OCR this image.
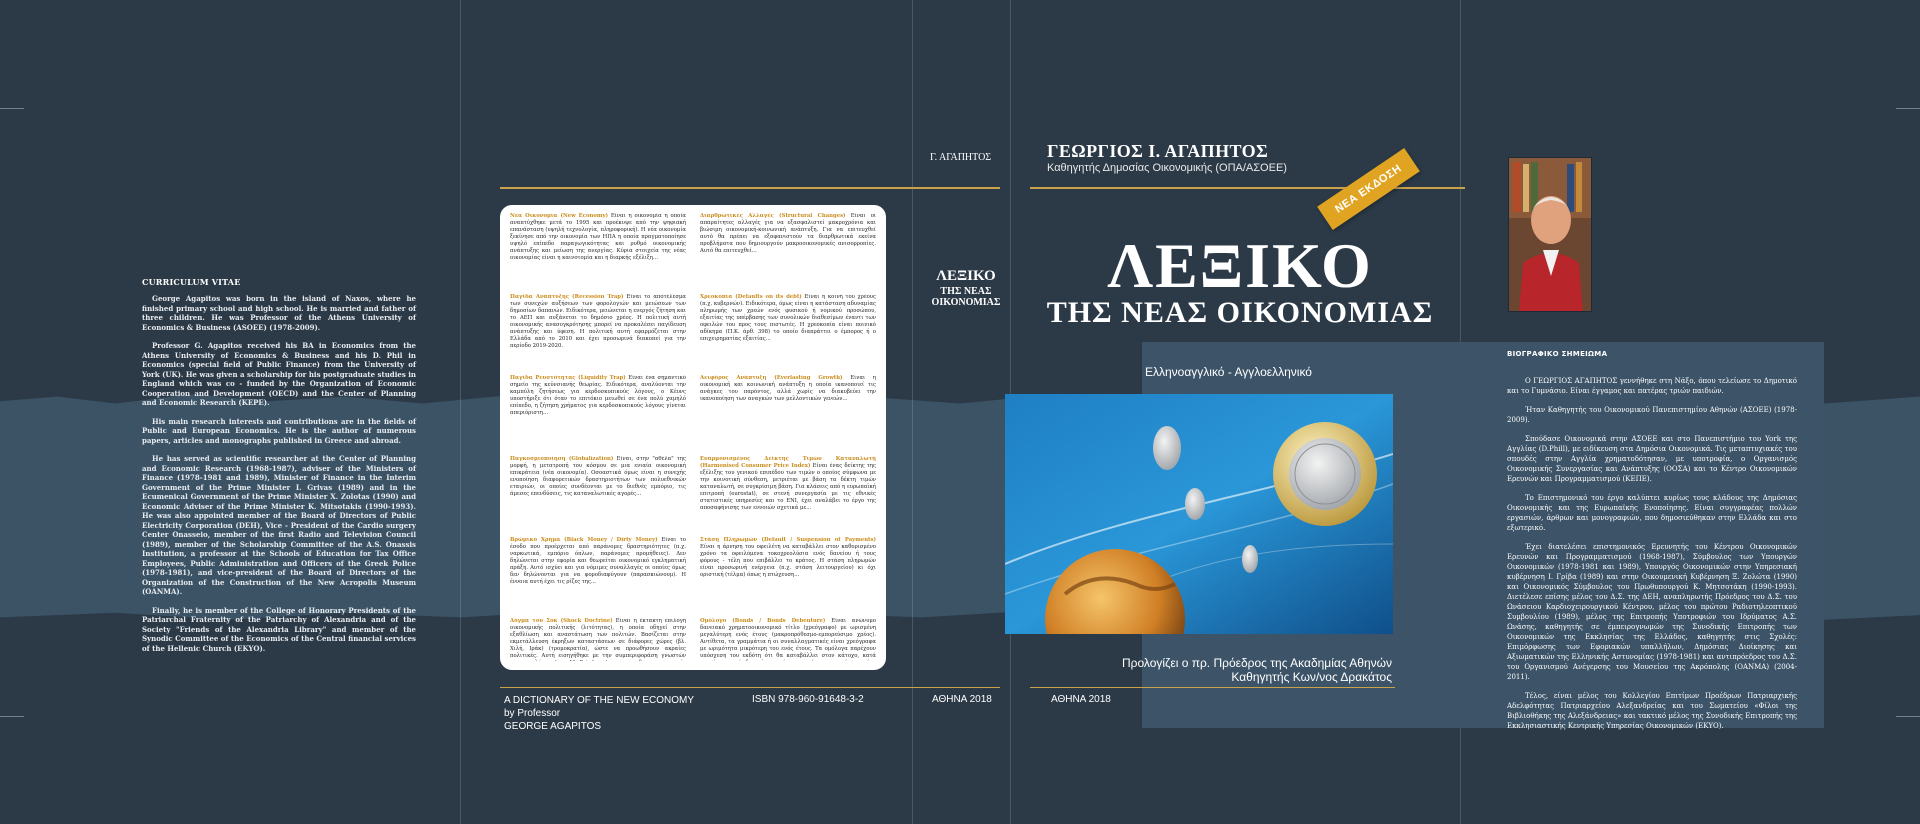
CURRICULUM VITAE

George Agapitos was born in the island of Naxos, where he finished primary school and high school. He is married and father of three children. He was Professor of the Athens University of Economics & Business (ASOEE) (1978-2009).

Professor G. Agapitos received his BA in Economics from the Athens University of Economics & Business and his D. Phil in Economics (special field of Public Finance) from the University of York (UK). He was given a scholarship for his postgraduate studies in England which was co - funded by the Organization of Economic Cooperation and Development (OECD) and the Center of Planning and Economic Research (KEPE).

His main research interests and contributions are in the fields of Public and European Economics. He is the author of numerous papers, articles and monographs published in Greece and abroad.

He has served as scientific researcher at the Center of Planning and Economic Research (1968-1987), adviser of the Ministers of Finance (1978-1981 and 1989), Minister of Finance in the Interim Government of the Prime Minister I. Grivas (1989) and in the Ecumenical Government of the Prime Minister X. Zolotas (1990) and Economic Adviser of the Prime Minister K. Mitsotakis (1990-1993). He was also appointed member of the Board of Directors of Public Electricity Corporation (DEH), Vice - President of the Cardio surgery Center Onasseio, member of the first Radio and Television Council (1989), member of the Scholarship Committee of the A.S. Onassis Institution, a professor at the Schools of Education for Tax Office Employees, Public Administration and Officers of the Greek Police (1978-1981), and vice-president of the Board of Directors of the Organization of the Construction of the New Acropolis Museum (OANMA).

Finally, he is member of the College of Honorary Presidents of the Patriarchal Fraternity of the Patriarchy of Alexandria and of the Society "Friends of the Alexandria Library" and member of the Synodic Committee of the Economics of the Central financial services of the Hellenic Church (EKYO).

Νέα Οικονομία (New Economy) Είναι η οικονομία η οποία αναπτύχθηκε μετά το 1995 και προέκυψε από την ψηφιακή επανάσταση (υψηλή τεχνολογία, πληροφορική). Η νέα οικονομία ξεκίνησε από την οικονομία των ΗΠΑ η οποία πραγματοποίησε υψηλό επίπεδο παραγωγικότητας και ρυθμό οικονομικής ανάπτυξης και μείωση της ανεργίας. Κύρια στοιχεία της νέας οικονομίας είναι η καινοτομία και η διαρκής εξέλιξη...
Παγίδα Ανάπτυξης (Recession Trap) Είναι το αποτέλεσμα των συνεχών αυξήσεων των φορολογιών και μειώσεων των δημοσίων δαπανών. Ειδικότερα, μειώνεται η ενεργός ζήτηση και το ΑΕΠ και αυξάνεται το δημόσιο χρέος. Η πολιτική αυτή οικονομικής ανασυγκρότησης μπορεί να προκαλέσει παγίδευση ανάπτυξης και ύφεση. Η πολιτική αυτή εφαρμόζεται στην Ελλάδα από το 2010 και έχει προσωρινά διακοπεί για την περίοδο 2019-2020.
Παγίδα Ρευστότητας (Liquidity Trap) Είναι ένα σημαντικό σημείο της κεϋνσιανής θεωρίας. Ειδικότερα, αναλύονται την καμπύλη ζητήσεως για κερδοσκοπικούς λόγους, ο Κέυνς υποστήριξε ότι όταν το επιτόκιο μειωθεί σε ένα πολύ χαμηλό επίπεδο, η ζήτηση χρήματος για κερδοσκοπικούς λόγους γίνεται απεριόριστη...
Παγκοσμιοποίηση (Globalization) Είναι, στην "αθέλα" της μορφή, η μετατροπή του κόσμου σε μια ενιαία οικονομική επικράτεια (νέα οικονομία). Οσοαστικά όμως είναι η συνεχής ενοποίηση διαφορετικών δραστηριοτήτων των πολυεθνικών εταιριών, οι οποίες συνδέονται με το διεθνές εμπόριο, τις άμεσες επενδύσεις, τις καταναλωτικές αγορές...
Βρώμικο Χρήμα (Black Money / Dirty Money) Είναι το έσοδο που προέρχεται από παράνομες δραστηριότητες (π.χ. ναρκωτικά, εμπόριο όπλων, παράνομες προμήθειες). Δεν δηλώνεται στην εφορία και θεωρείται οικονομικό εγκληματική πράξη. Αυτό ισχύει και για νόμιμες συναλλαγές οι οποίες όμως δεν δηλώνονται για να φοροδιαφύγουν (παρασκιώνουμ). Η έννοια αυτή έχει τις ρίζες της...
Δόγμα του Σοκ (Shock Doctrine) Είναι η έκτακτη επιλογή οικονομικής πολιτικής (λιτότητας), η οποία οδηγεί στην εξαθλίωση και αναστάτωση των πολιτών. Βασίζεται στην εκμετάλλευση έκρηξων καταστάσεων σε διάφορες χώρες (βλ. Χιλή, Ιράκ) (τρομοκρατία), ώστε να προωθήσουν ακραίες πολιτικές. Αυτή εισηγήθηκε με την συμπεριφοράση γνωστών
Διαρθρωτικές Αλλαγές (Structural Changes) Είναι οι απαραίτητες αλλαγές για να εξασφαλιστεί μακροχρόνια και βιώσιμη οικονομική-κοινωνική ανάπτυξη. Για να επιτευχθεί αυτό θα πρέπει να εξαφανιστούν τα διαρθρωτικά εκείνα προβλήματα που δημιουργούν μακροοικονομικές ανισορροπίες. Αυτό θα επιτευχθεί...
Χρεοκοπία (Defaults on its debt) Είναι η κοινή του χρέους (π.χ. κυβερνών). Ειδικότερα, όμως είναι η κατάσταση αδυναμίας πληρωμής των χρεών ενός φυσικού ή νομικού προσώπου, εξαιτίας της υπέρβασης των συνολικών διαθεσίμων έναντι των οφειλών του προς τους πιστωτές. Η χρεοκοπία είναι ποινικό αδίκημα (Π.Κ. άρθ. 398) το οποίο διαπράττει ο έμπορος ή ο επιχειρηματίας εξαιτίας...
Αειφόρος Ανάπτυξη (Everlasting Growth) Είναι η οικονομική και κοινωνική ανάπτυξη η οποία ικανοποιεί τις ανάγκες του παρόντος, αλλά χωρίς να διακυβεύει την ικανοποίηση των αναγκών των μελλοντικών γενεών...
Εναρμονισμένος Δείκτης Τιμών Καταναλωτή (Harmonised Consumer Price Index) Είναι ένας δείκτης της εξέλιξης του γενικού επιπέδου των τιμών ο οποίος σύμφωνα με την κοινοτική σύνθεση, μετριέται με βάση τα δέκτη τιμών καταναλωτή, σε συγκρίσιμη βάση. Για κλάσεις από η ευρωπαϊκή επιτροπή (eurostat), σε στενή συνεργασία με τις εθνικές στατιστικές υπηρεσίες και το ΕΝΙ, έχει αναλάβει το έργο της αποσαφήνισης των εννοιών σχετικά με...
Στάση Πληρωμών (Default / Suspension of Payments) Είναι η άρνηση του οφειλέτη να καταβάλλει στον καθορισμένο χρόνο τα οφειλόμενα τοκοχρεολύσια ενός δανείου ή τους φόρους - τέλη που επιβάλλει το κράτος. Η στάση πληρωμών είναι προσωρινή ενέργεια (π.χ. στάση λειτουργείου) κι όχι οριστική (τέλμα) όπως η πτώχευση...
Ομόλογο (Bonds / Bonds Debenture) Είναι ανώνυμο δανειακό χρηματοοικονομικό τίτλο (χρεόγραφο) με ωρισμένη μεγαλύτερη ενός έτους (μακροπρόθεσμο-εμπορεύσιμο χρέος). Αντίθετα, τα γραμμάτια ή οι συναλλαγματικές είναι χρεόγραφα με ωριμότητα μικρότερη του ενός έτους. Τα ομόλογα παρέχουν υπόσχεση του εκδότη ότι θα καταβάλλει στον κάτοχο, κατά
A DICTIONARY OF THE NEW ECONOMY
by Professor
GEORGE AGAPITOS
ISBN 978-960-91648-3-2
Γ. ΑΓΑΠΗΤΟΣ
ΛΕΞΙΚΟ
ΤΗΣ ΝΕΑΣ
ΟΙΚΟΝΟΜΙΑΣ
ΑΘΗΝΑ 2018
ΓΕΩΡΓΙΟΣ Ι. ΑΓΑΠΗΤΟΣ
Καθηγητής Δημοσίας Οικονομικής (ΟΠΑ/ΑΣΟΕΕ)	ΝΕΑ ΕΚΔΟΣΗ
ΛΕΞΙΚΟ
ΤΗΣ ΝΕΑΣ ΟΙΚΟΝΟΜΙΑΣ
Ελληνοαγγλικό - Αγγλοελληνικό
Προλογίζει ο πρ. Πρόεδρος της Ακαδημίας Αθηνών
Καθηγητής Κων/νος Δρακάτος
ΑΘΗΝΑ 2018
ΒΙΟΓΡΑΦΙΚΟ ΣΗΜΕΙΩΜΑ

Ο ΓΕΩΡΓΙΟΣ ΑΓΑΠΗΤΟΣ γεννήθηκε στη Νάξο, όπου τελείωσε το Δημοτικό και το Γυμνάσιο. Είναι έγγαμος και πατέρας τριών παιδιών.

Ήταν Καθηγητής του Οικονομικού Πανεπιστημίου Αθηνών (ΑΣΟΕΕ) (1978-2009).

Σπούδασε Οικονομικά στην ΑΣΟΕΕ και στο Πανεπιστήμιο του York της Αγγλίας (D.Phill), με ειδίκευση στα Δημόσια Οικονομικά. Τις μεταπτυχιακές του σπουδές στην Αγγλία χρηματοδότησαν, με υποτροφία, ο Οργανισμός Οικονομικής Συνεργασίας και Ανάπτυξης (ΟΟΣΑ) και το Κέντρο Οικονομικών Ερευνών και Προγραμματισμού (ΚΕΠΕ).

Το Επιστημονικό του έργο καλύπτει κυρίως τους κλάδους της Δημόσιας Οικονομικής και της Ευρωπαϊκής Ενοποίησης. Είναι συγγραφέας πολλών εργασιών, άρθρων και μονογραφιών, που δημοσιεύθηκαν στην Ελλάδα και στο εξωτερικό.

Έχει διατελέσει επιστημονικός Ερευνητής του Κέντρου Οικονομικών Ερευνών και Προγραμματισμού (1968-1987), Σύμβουλος των Υπουργών Οικονομικών (1978-1981 και 1989), Υπουργός Οικονομικών στην Υπηρεσιακή κυβέρνηση Ι. Γρίβα (1989) και στην Οικουμενική Κυβέρνηση Ξ. Ζολώτα (1990) και Οικονομικός Σύμβουλος του Πρωθυπουργού Κ. Μητσοτάκη (1990-1993). Διετέλεσε επίσης μέλος του Δ.Σ. της ΔΕΗ, αναπληρωτής Πρόεδρος του Δ.Σ. του Ωνάσειου Καρδιοχειρουργικού Κέντρου, μέλος του πρώτου Ραδιοτηλεοπτικού Συμβουλίου (1989), μέλος της Επιτροπής Υποτροφιών του Ιδρύματος Α.Σ. Ωνάσης, καθηγητής σε έμπειρογνωμών της Συνοδικής Επιτροπής των Οικονομικών της Εκκλησίας της Ελλάδος, καθηγητής στις Σχολές: Επιμόρφωσης των Εφοριακών υπαλλήλων, Δημόσιας Διοίκησης και Αξιωματικών της Ελληνικής Αστυνομίας (1978-1981) και αντιπρόεδρος του Δ.Σ. του Οργανισμού Ανέγερσης του Μουσείου της Ακρόπολης (ΟΑΝΜΑ) (2004-2011).

Τέλος, είναι μέλος του Κολλεγίου Επιτίμων Προέδρων Πατριαρχικής Αδελφότητας Πατριαρχείου Αλεξανδρείας και του Σωματείου «Φίλοι της Βιβλιοθήκης της Αλεξάνδρειας» και τακτικό μέλος της Συνοδικής Επιτροπής της Εκκλησιαστικής Κεντρικής Υπηρεσίας Οικονομικών (ΕΚΥΟ).
